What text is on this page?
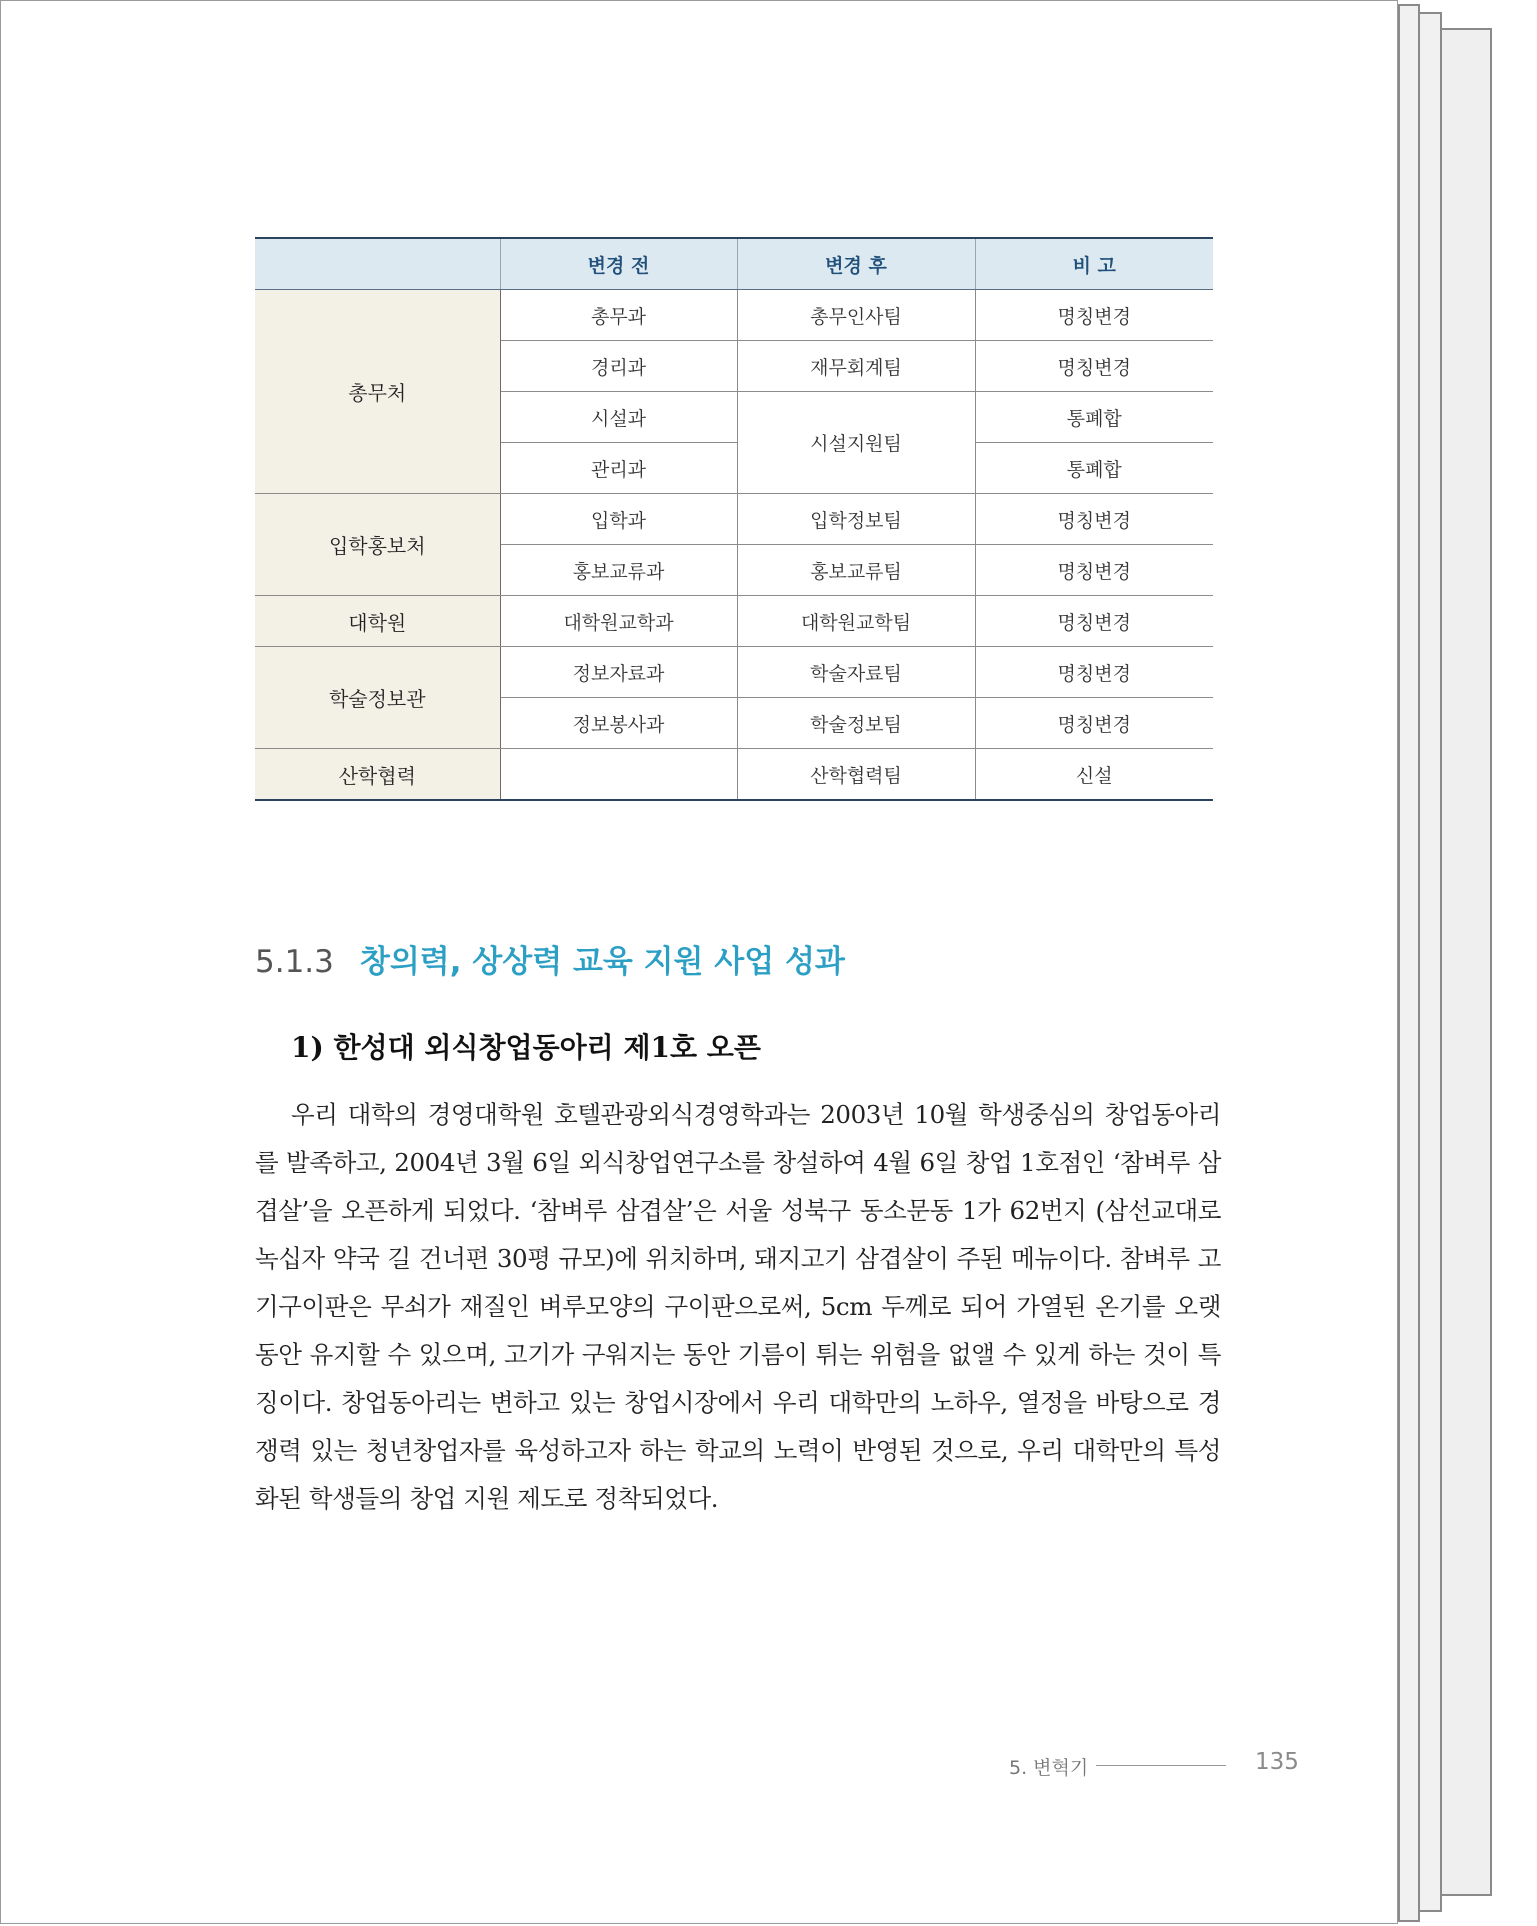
	변경 전	변경 후	비 고
총무처	총무과	총무인사팀	명칭변경
	경리과	재무회계팀	명칭변경
	시설과	시설지원팀	통폐합
	관리과		통폐합
입학홍보처	입학과	입학정보팀	명칭변경
	홍보교류과	홍보교류팀	명칭변경
대학원	대학원교학과	대학원교학팀	명칭변경
학술정보관	정보자료과	학술자료팀	명칭변경
	정보봉사과	학술정보팀	명칭변경
산학협력		산학협력팀	신설
5.1.3 창의력, 상상력 교육 지원 사업 성과
1) 한성대 외식창업동아리 제1호 오픈

우리 대학의 경영대학원 호텔관광외식경영학과는 2003년 10월 학생중심의 창업동아리를 발족하고, 2004년 3월 6일 외식창업연구소를 창설하여 4월 6일 창업 1호점인 ‘참벼루 삼겹살’을 오픈하게 되었다. ‘참벼루 삼겹살’은 서울 성북구 동소문동 1가 62번지 (삼선교대로 녹십자 약국 길 건너편 30평 규모)에 위치하며, 돼지고기 삼겹살이 주된 메뉴이다. 참벼루 고기구이판은 무쇠가 재질인 벼루모양의 구이판으로써, 5cm 두께로 되어 가열된 온기를 오랫동안 유지할 수 있으며, 고기가 구워지는 동안 기름이 튀는 위험을 없앨 수 있게 하는 것이 특징이다. 창업동아리는 변하고 있는 창업시장에서 우리 대학만의 노하우, 열정을 바탕으로 경쟁력 있는 청년창업자를 육성하고자 하는 학교의 노력이 반영된 것으로, 우리 대학만의 특성화된 학생들의 창업 지원 제도로 정착되었다.

5. 변혁기	135
